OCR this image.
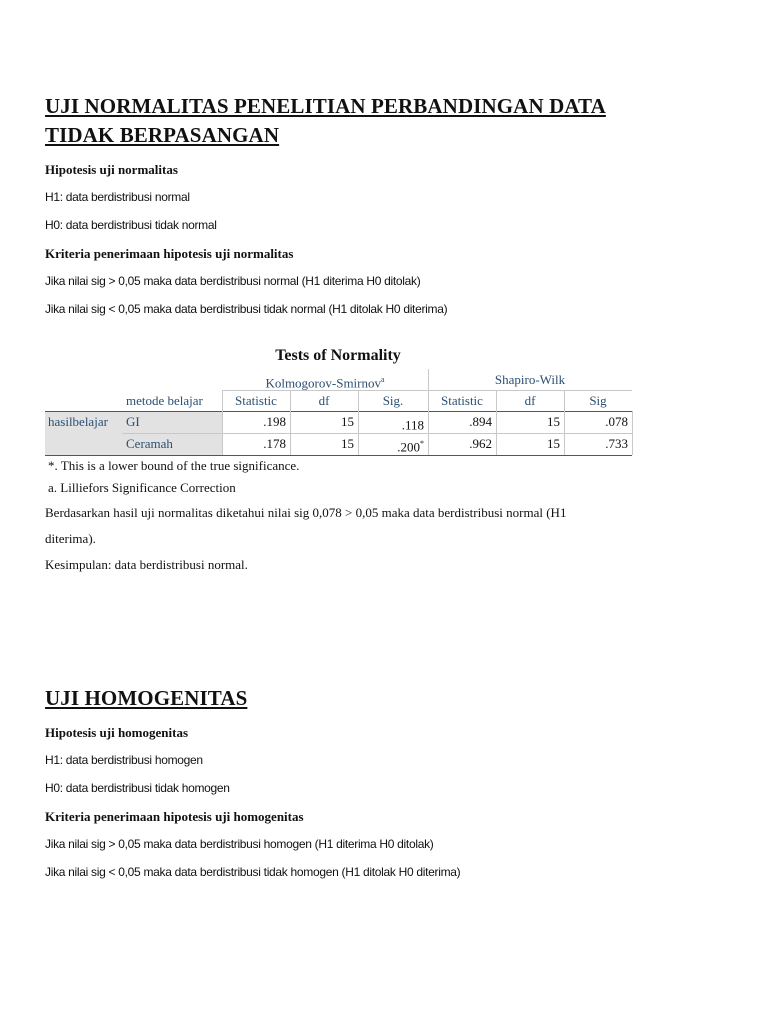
UJI NORMALITAS PENELITIAN PERBANDINGAN DATA
TIDAK BERPASANGAN
Hipotesis uji normalitas
H1: data berdistribusi normal
H0: data berdistribusi tidak normal
Kriteria penerimaan hipotesis uji normalitas
Jika nilai sig > 0,05 maka data berdistribusi normal (H1 diterima H0 ditolak)
Jika nilai sig < 0,05 maka data berdistribusi tidak normal (H1 ditolak H0 diterima)
Tests of Normality
Kolmogorov-Smirnov$^a$	Shapiro-Wilk
metode belajar	Statistic	df	Sig.	Statistic	df	Sig
hasilbelajar	GI	.198	15	.118	.894	15	.078
Ceramah	.178	15	.200*	.962	15	.733
*. This is a lower bound of the true significance.
a. Lilliefors Significance Correction
Berdasarkan hasil uji normalitas diketahui nilai sig 0,078 > 0,05 maka data berdistribusi normal (H1
diterima).
Kesimpulan: data berdistribusi normal.
UJI HOMOGENITAS
Hipotesis uji homogenitas
H1: data berdistribusi homogen
H0: data berdistribusi tidak homogen
Kriteria penerimaan hipotesis uji homogenitas
Jika nilai sig > 0,05 maka data berdistribusi homogen (H1 diterima H0 ditolak)
Jika nilai sig < 0,05 maka data berdistribusi tidak homogen (H1 ditolak H0 diterima)
